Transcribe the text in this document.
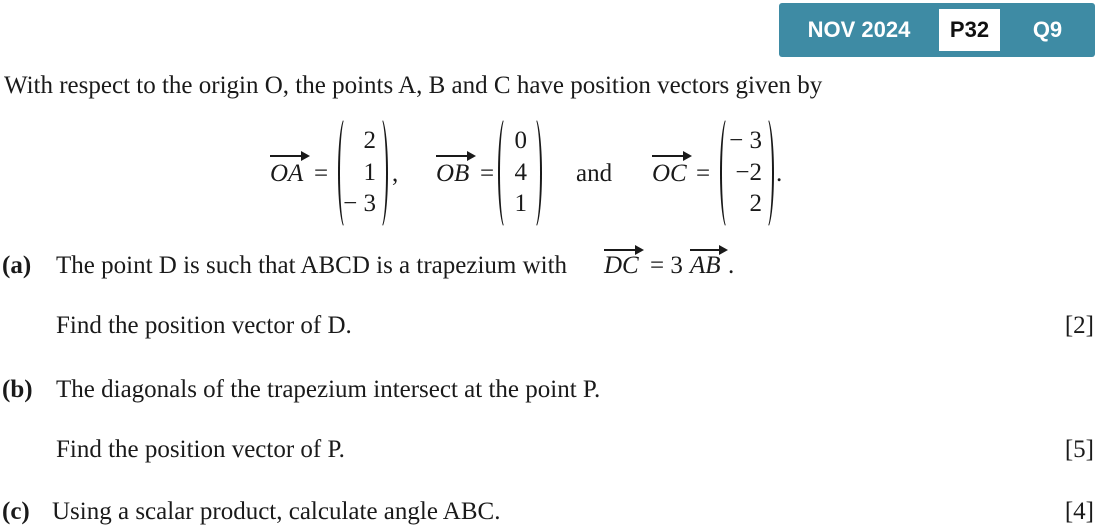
NOV 2024	P32	Q9
With respect to the origin O, the points A, B and C have position vectors given by
OA =
2
1
− 3
, OB =
0
4
1
and OC =
− 3
−2
2
.
(a) The point D is such that ABCD is a trapezium with DC = 3 AB .
Find the position vector of D.	[2]
(b) The diagonals of the trapezium intersect at the point P.
Find the position vector of P.	[5]
(c) Using a scalar product, calculate angle ABC.	[4]
